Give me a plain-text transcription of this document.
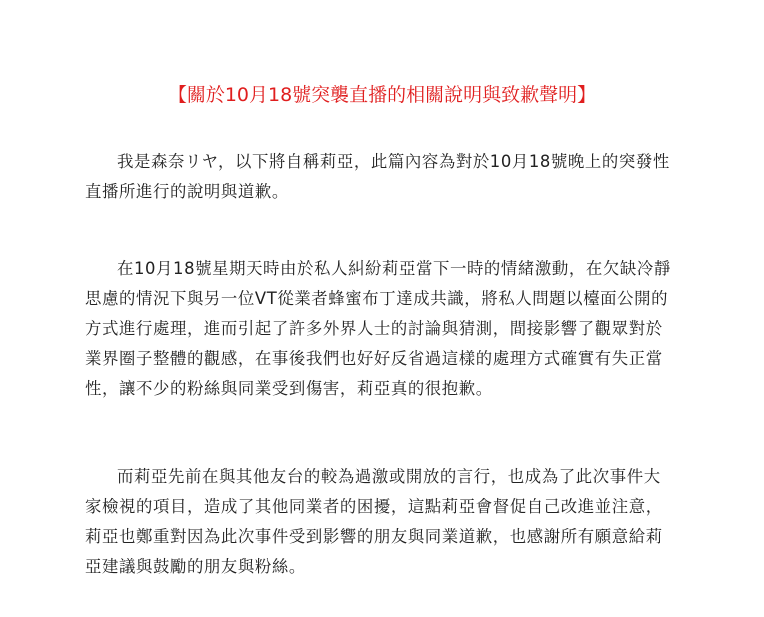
【關於10月18號突襲直播的相關說明與致歉聲明】

我是森奈リヤ，以下將自稱莉亞，此篇內容為對於10月18號晚上的突發性
直播所進行的說明與道歉。

在10月18號星期天時由於私人糾紛莉亞當下一時的情緒激動，在欠缺冷靜
思慮的情況下與另一位VT從業者蜂蜜布丁達成共識，將私人問題以檯面公開的
方式進行處理，進而引起了許多外界人士的討論與猜測，間接影響了觀眾對於
業界圈子整體的觀感，在事後我們也好好反省過這樣的處理方式確實有失正當
性，讓不少的粉絲與同業受到傷害，莉亞真的很抱歉。

而莉亞先前在與其他友台的較為過激或開放的言行，也成為了此次事件大
家檢視的項目，造成了其他同業者的困擾，這點莉亞會督促自己改進並注意，
莉亞也鄭重對因為此次事件受到影響的朋友與同業道歉，也感謝所有願意給莉
亞建議與鼓勵的朋友與粉絲。
